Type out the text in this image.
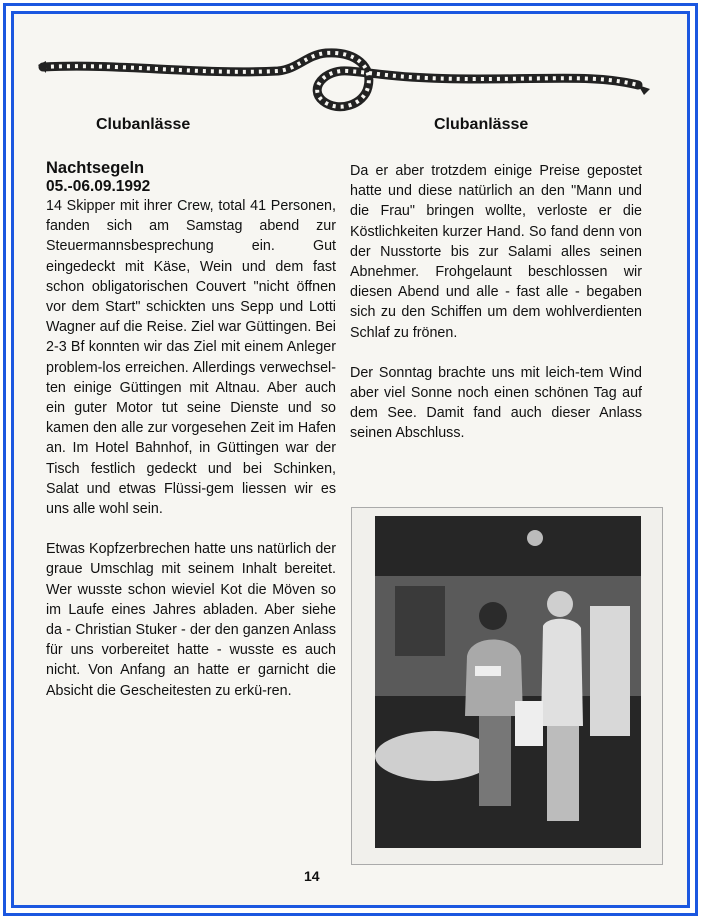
Clubanlässe	Clubanlässe

Nachtsegeln

05.-06.09.1992

14 Skipper mit ihrer Crew, total 41 Personen, fanden sich am Samstag abend zur Steuermannsbesprechung ein. Gut eingedeckt mit Käse, Wein und dem fast schon obligatorischen Couvert "nicht öffnen vor dem Start" schickten uns Sepp und Lotti Wagner auf die Reise. Ziel war Güttingen. Bei 2-3 Bf konnten wir das Ziel mit einem Anleger problem-los erreichen. Allerdings verwechsel-ten einige Güttingen mit Altnau. Aber auch ein guter Motor tut seine Dienste und so kamen den alle zur vorgesehen Zeit im Hafen an. Im Hotel Bahnhof, in Güttingen war der Tisch festlich gedeckt und bei Schinken, Salat und etwas Flüssi-gem liessen wir es uns alle wohl sein.

Etwas Kopfzerbrechen hatte uns natürlich der graue Umschlag mit seinem Inhalt bereitet. Wer wusste schon wieviel Kot die Möven so im Laufe eines Jahres abladen. Aber siehe da - Christian Stuker - der den ganzen Anlass für uns vorbereitet hatte - wusste es auch nicht. Von Anfang an hatte er garnicht die Absicht die Gescheitesten zu erkü-ren.

Da er aber trotzdem einige Preise gepostet hatte und diese natürlich an den "Mann und die Frau" bringen wollte, verloste er die Köstlichkeiten kurzer Hand. So fand denn von der Nusstorte bis zur Salami alles seinen Abnehmer. Frohgelaunt beschlossen wir diesen Abend und alle - fast alle - begaben sich zu den Schiffen um dem wohlverdienten Schlaf zu frönen.

Der Sonntag brachte uns mit leich-tem Wind aber viel Sonne noch einen schönen Tag auf dem See. Damit fand auch dieser Anlass seinen Abschluss.

14
